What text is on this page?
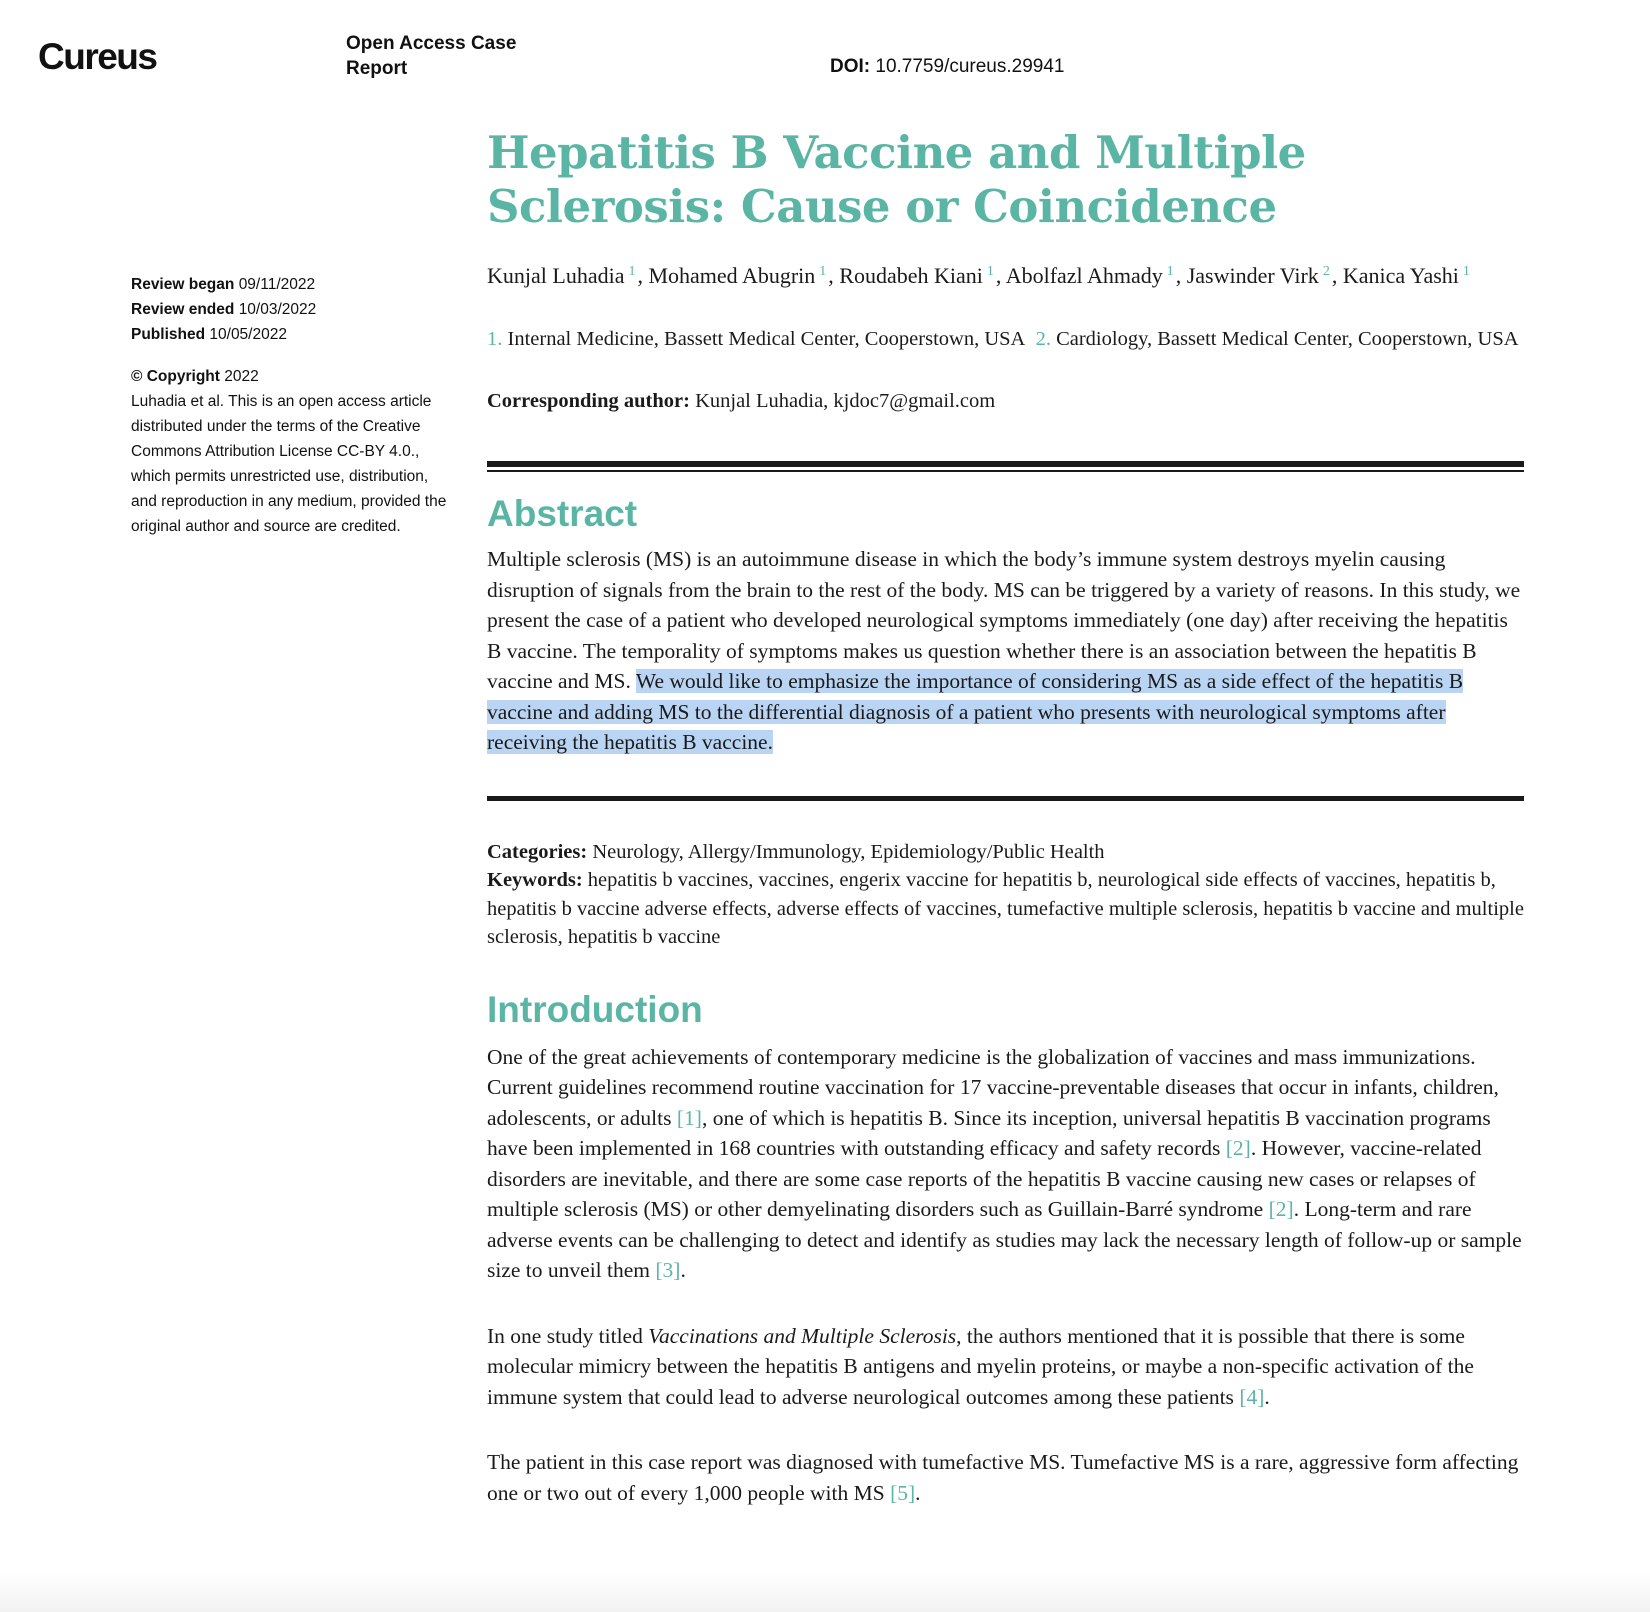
Cureus	Open Access Case Report	DOI: 10.7759/cureus.29941
Review began 09/11/2022
Review ended 10/03/2022
Published 10/05/2022
© Copyright 2022
Luhadia et al. This is an open access article distributed under the terms of the Creative Commons Attribution License CC-BY 4.0., which permits unrestricted use, distribution, and reproduction in any medium, provided the original author and source are credited.
Hepatitis B Vaccine and Multiple Sclerosis: Cause or Coincidence
Kunjal Luhadia $^1$, Mohamed Abugrin $^1$, Roudabeh Kiani $^1$, Abolfazl Ahmady $^1$, Jaswinder Virk $^2$, Kanica Yashi $^1$
1. Internal Medicine, Bassett Medical Center, Cooperstown, USA 2. Cardiology, Bassett Medical Center, Cooperstown, USA
Corresponding author: Kunjal Luhadia, kjdoc7@gmail.com
Abstract

Multiple sclerosis (MS) is an autoimmune disease in which the body’s immune system destroys myelin causing disruption of signals from the brain to the rest of the body. MS can be triggered by a variety of reasons. In this study, we present the case of a patient who developed neurological symptoms immediately (one day) after receiving the hepatitis B vaccine. The temporality of symptoms makes us question whether there is an association between the hepatitis B vaccine and MS. We would like to emphasize the importance of considering MS as a side effect of the hepatitis B vaccine and adding MS to the differential diagnosis of a patient who presents with neurological symptoms after receiving the hepatitis B vaccine.

Categories: Neurology, Allergy/Immunology, Epidemiology/Public Health
Keywords: hepatitis b vaccines, vaccines, engerix vaccine for hepatitis b, neurological side effects of vaccines, hepatitis b, hepatitis b vaccine adverse effects, adverse effects of vaccines, tumefactive multiple sclerosis, hepatitis b vaccine and multiple sclerosis, hepatitis b vaccine
Introduction

One of the great achievements of contemporary medicine is the globalization of vaccines and mass immunizations. Current guidelines recommend routine vaccination for 17 vaccine-preventable diseases that occur in infants, children, adolescents, or adults [1], one of which is hepatitis B. Since its inception, universal hepatitis B vaccination programs have been implemented in 168 countries with outstanding efficacy and safety records [2]. However, vaccine-related disorders are inevitable, and there are some case reports of the hepatitis B vaccine causing new cases or relapses of multiple sclerosis (MS) or other demyelinating disorders such as Guillain-Barré syndrome [2]. Long-term and rare adverse events can be challenging to detect and identify as studies may lack the necessary length of follow-up or sample size to unveil them [3].

In one study titled Vaccinations and Multiple Sclerosis, the authors mentioned that it is possible that there is some molecular mimicry between the hepatitis B antigens and myelin proteins, or maybe a non-specific activation of the immune system that could lead to adverse neurological outcomes among these patients [4].

The patient in this case report was diagnosed with tumefactive MS. Tumefactive MS is a rare, aggressive form affecting one or two out of every 1,000 people with MS [5].
